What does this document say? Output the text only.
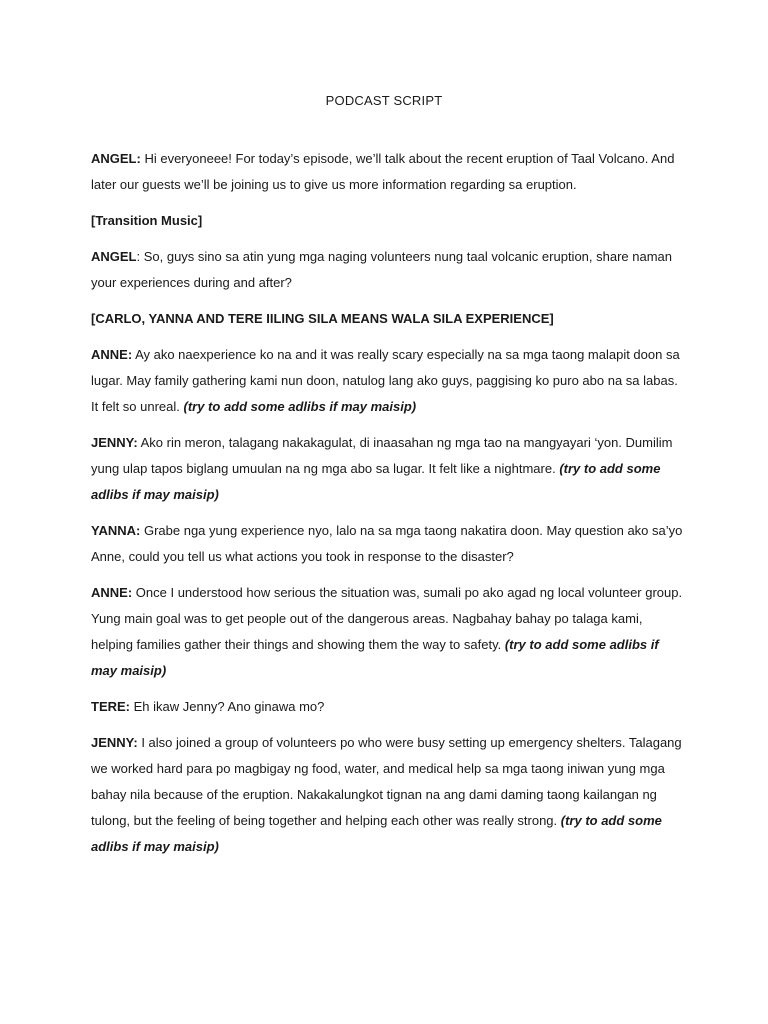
PODCAST SCRIPT

ANGEL: Hi everyoneee! For today’s episode, we’ll talk about the recent eruption of Taal Volcano. And later our guests we’ll be joining us to give us more information regarding sa eruption.

[Transition Music]

ANGEL: So, guys sino sa atin yung mga naging volunteers nung taal volcanic eruption, share naman your experiences during and after?

[CARLO, YANNA AND TERE IILING SILA MEANS WALA SILA EXPERIENCE]

ANNE: Ay ako naexperience ko na and it was really scary especially na sa mga taong malapit doon sa lugar. May family gathering kami nun doon, natulog lang ako guys, paggising ko puro abo na sa labas. It felt so unreal. (try to add some adlibs if may maisip)

JENNY: Ako rin meron, talagang nakakagulat, di inaasahan ng mga tao na mangyayari ‘yon. Dumilim yung ulap tapos biglang umuulan na ng mga abo sa lugar. It felt like a nightmare. (try to add some adlibs if may maisip)

YANNA: Grabe nga yung experience nyo, lalo na sa mga taong nakatira doon. May question ako sa’yo Anne, could you tell us what actions you took in response to the disaster?

ANNE: Once I understood how serious the situation was, sumali po ako agad ng local volunteer group. Yung main goal was to get people out of the dangerous areas. Nagbahay bahay po talaga kami, helping families gather their things and showing them the way to safety. (try to add some adlibs if may maisip)

TERE: Eh ikaw Jenny? Ano ginawa mo?

JENNY: I also joined a group of volunteers po who were busy setting up emergency shelters. Talagang we worked hard para po magbigay ng food, water, and medical help sa mga taong iniwan yung mga bahay nila because of the eruption. Nakakalungkot tignan na ang dami daming taong kailangan ng tulong, but the feeling of being together and helping each other was really strong. (try to add some adlibs if may maisip)
